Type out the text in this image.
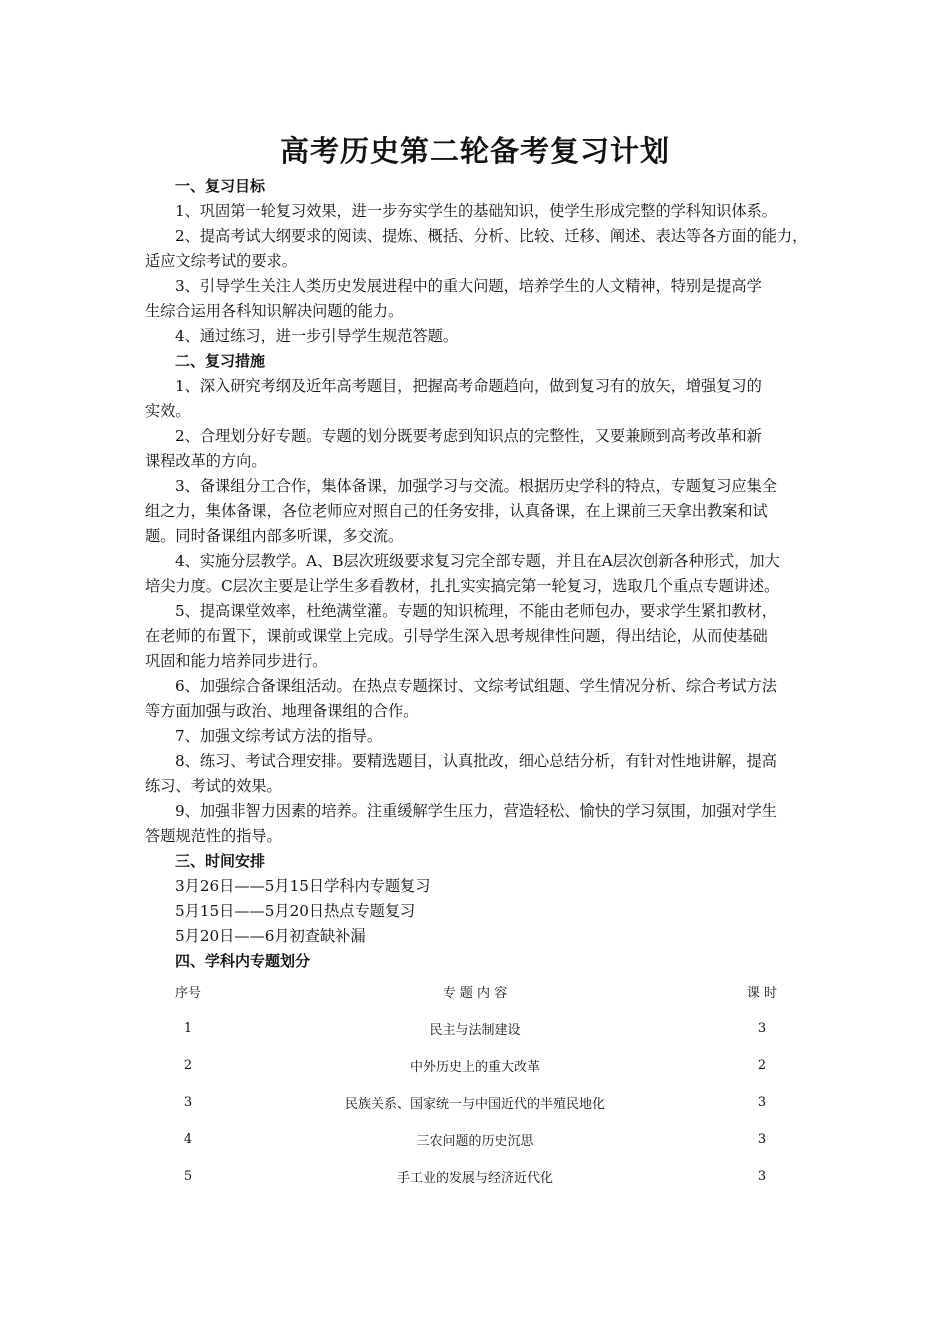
高考历史第二轮备考复习计划

一、复习目标

1、巩固第一轮复习效果，进一步夯实学生的基础知识，使学生形成完整的学科知识体系。

2、提高考试大纲要求的阅读、提炼、概括、分析、比较、迁移、阐述、表达等各方面的能力，

适应文综考试的要求。

3、引导学生关注人类历史发展进程中的重大问题，培养学生的人文精神，特别是提高学

生综合运用各科知识解决问题的能力。

4、通过练习，进一步引导学生规范答题。

二、复习措施

1、深入研究考纲及近年高考题目，把握高考命题趋向，做到复习有的放矢，增强复习的

实效。

2、合理划分好专题。专题的划分既要考虑到知识点的完整性，又要兼顾到高考改革和新

课程改革的方向。

3、备课组分工合作，集体备课，加强学习与交流。根据历史学科的特点，专题复习应集全

组之力，集体备课，各位老师应对照自己的任务安排，认真备课，在上课前三天拿出教案和试

题。同时备课组内部多听课，多交流。

4、实施分层教学。A、B层次班级要求复习完全部专题，并且在A层次创新各种形式，加大

培尖力度。C层次主要是让学生多看教材，扎扎实实搞完第一轮复习，选取几个重点专题讲述。

5、提高课堂效率，杜绝满堂灌。专题的知识梳理，不能由老师包办，要求学生紧扣教材，

在老师的布置下，课前或课堂上完成。引导学生深入思考规律性问题，得出结论，从而使基础

巩固和能力培养同步进行。

6、加强综合备课组活动。在热点专题探讨、文综考试组题、学生情况分析、综合考试方法

等方面加强与政治、地理备课组的合作。

7、加强文综考试方法的指导。

8、练习、考试合理安排。要精选题目，认真批改，细心总结分析，有针对性地讲解，提高

练习、考试的效果。

9、加强非智力因素的培养。注重缓解学生压力，营造轻松、愉快的学习氛围，加强对学生

答题规范性的指导。

三、时间安排

3月26日——5月15日学科内专题复习

5月15日——5月20日热点专题复习

5月20日——6月初查缺补漏

四、学科内专题划分

序号	专 题 内 容	课 时
1	民主与法制建设	3
2	中外历史上的重大改革	2
3	民族关系、国家统一与中国近代的半殖民地化	3
4	三农问题的历史沉思	3
5	手工业的发展与经济近代化	3
